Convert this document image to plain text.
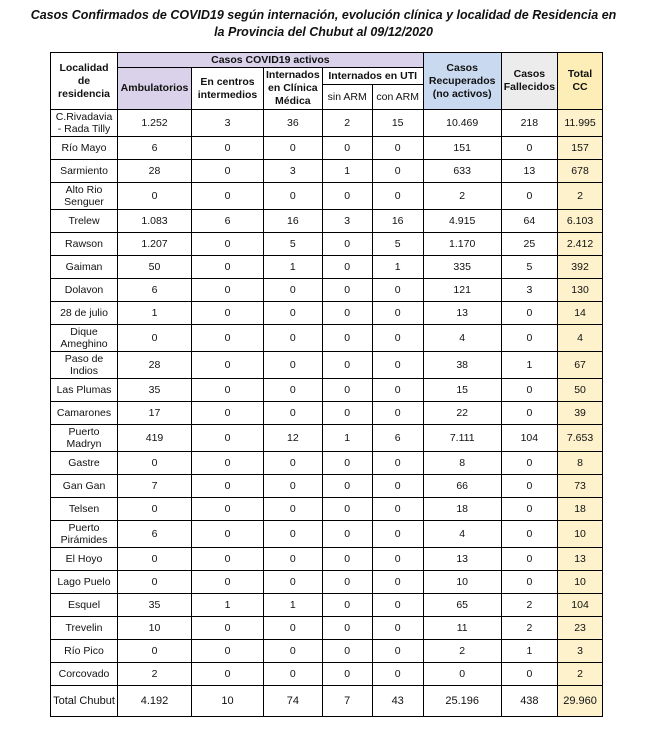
Casos Confirmados de COVID19 según internación, evolución clínica y localidad de Residencia en
la Provincia del Chubut al 09/12/2020
Localidad de residencia	Casos COVID19 activos					Casos Recuperados (no activos)	Casos Fallecidos	Total CC
	Ambulatorios	En centros intermedios	Internados en Clínica Médica	Internados en UTI				
				sin ARM	con ARM			
C.Rivadavia - Rada Tilly	1.252	3	36	2	15	10.469	218	11.995
Río Mayo	6	0	0	0	0	151	0	157
Sarmiento	28	0	3	1	0	633	13	678
Alto Rio Senguer	0	0	0	0	0	2	0	2
Trelew	1.083	6	16	3	16	4.915	64	6.103
Rawson	1.207	0	5	0	5	1.170	25	2.412
Gaiman	50	0	1	0	1	335	5	392
Dolavon	6	0	0	0	0	121	3	130
28 de julio	1	0	0	0	0	13	0	14
Dique Ameghino	0	0	0	0	0	4	0	4
Paso de Indios	28	0	0	0	0	38	1	67
Las Plumas	35	0	0	0	0	15	0	50
Camarones	17	0	0	0	0	22	0	39
Puerto Madryn	419	0	12	1	6	7.111	104	7.653
Gastre	0	0	0	0	0	8	0	8
Gan Gan	7	0	0	0	0	66	0	73
Telsen	0	0	0	0	0	18	0	18
Puerto Pirámides	6	0	0	0	0	4	0	10
El Hoyo	0	0	0	0	0	13	0	13
Lago Puelo	0	0	0	0	0	10	0	10
Esquel	35	1	1	0	0	65	2	104
Trevelin	10	0	0	0	0	11	2	23
Río Pico	0	0	0	0	0	2	1	3
Corcovado	2	0	0	0	0	0	0	2
Total Chubut	4.192	10	74	7	43	25.196	438	29.960
